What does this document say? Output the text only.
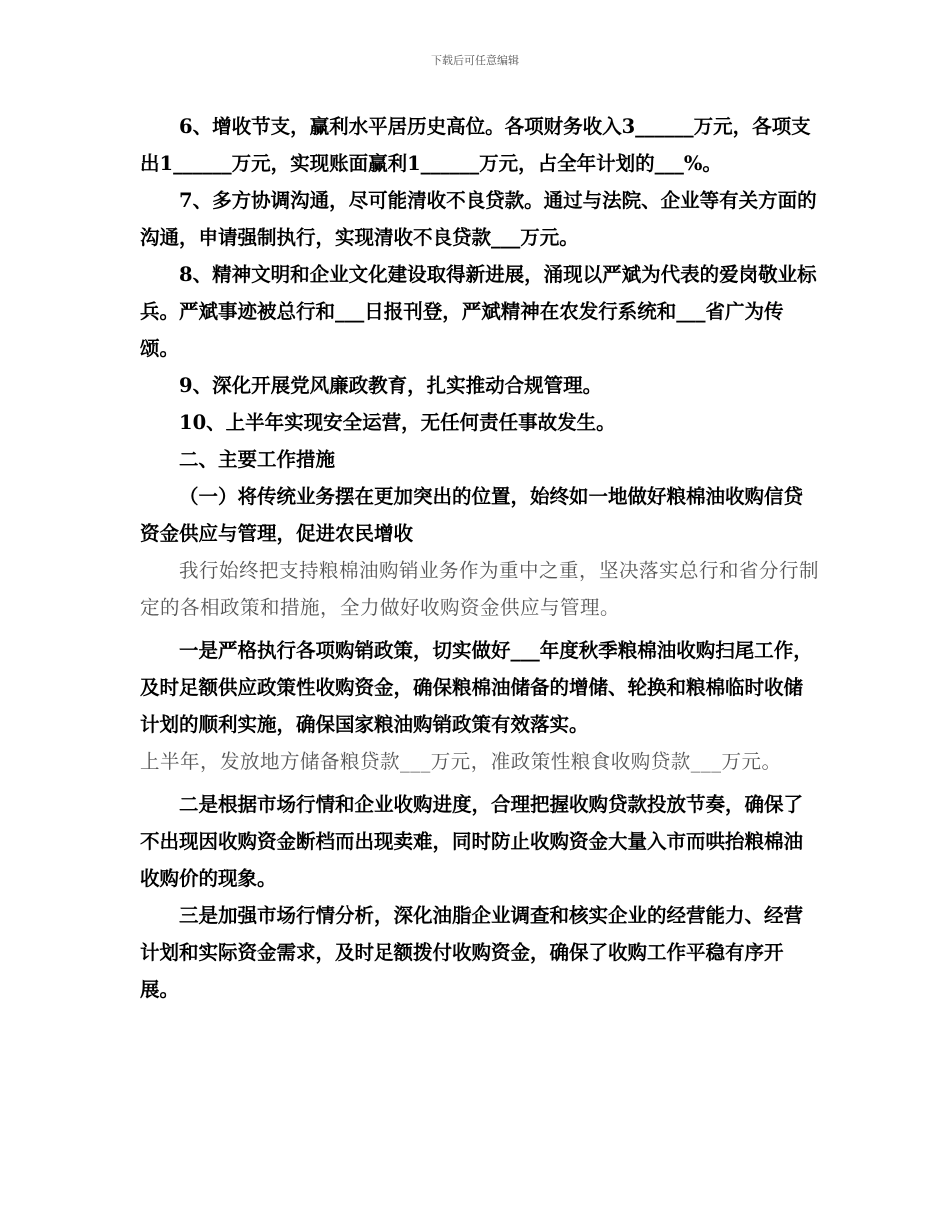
下载后可任意编辑

6、增收节支，赢利水平居历史高位。各项财务收入3______万元，各项支出1______万元，实现账面赢利1______万元，占全年计划的___%。

7、多方协调沟通，尽可能清收不良贷款。通过与法院、企业等有关方面的沟通，申请强制执行，实现清收不良贷款___万元。

8、精神文明和企业文化建设取得新进展，涌现以严斌为代表的爱岗敬业标兵。严斌事迹被总行和___日报刊登，严斌精神在农发行系统和___省广为传颂。

9、深化开展党风廉政教育，扎实推动合规管理。

10、上半年实现安全运营，无任何责任事故发生。

二、主要工作措施

（一）将传统业务摆在更加突出的位置，始终如一地做好粮棉油收购信贷资金供应与管理，促进农民增收

我行始终把支持粮棉油购销业务作为重中之重，坚决落实总行和省分行制定的各相政策和措施，全力做好收购资金供应与管理。

一是严格执行各项购销政策，切实做好___年度秋季粮棉油收购扫尾工作，及时足额供应政策性收购资金，确保粮棉油储备的增储、轮换和粮棉临时收储计划的顺利实施，确保国家粮油购销政策有效落实。

上半年，发放地方储备粮贷款___万元，准政策性粮食收购贷款___万元。

二是根据市场行情和企业收购进度，合理把握收购贷款投放节奏，确保了不出现因收购资金断档而出现卖难，同时防止收购资金大量入市而哄抬粮棉油收购价的现象。

三是加强市场行情分析，深化油脂企业调查和核实企业的经营能力、经营计划和实际资金需求，及时足额拨付收购资金，确保了收购工作平稳有序开展。
